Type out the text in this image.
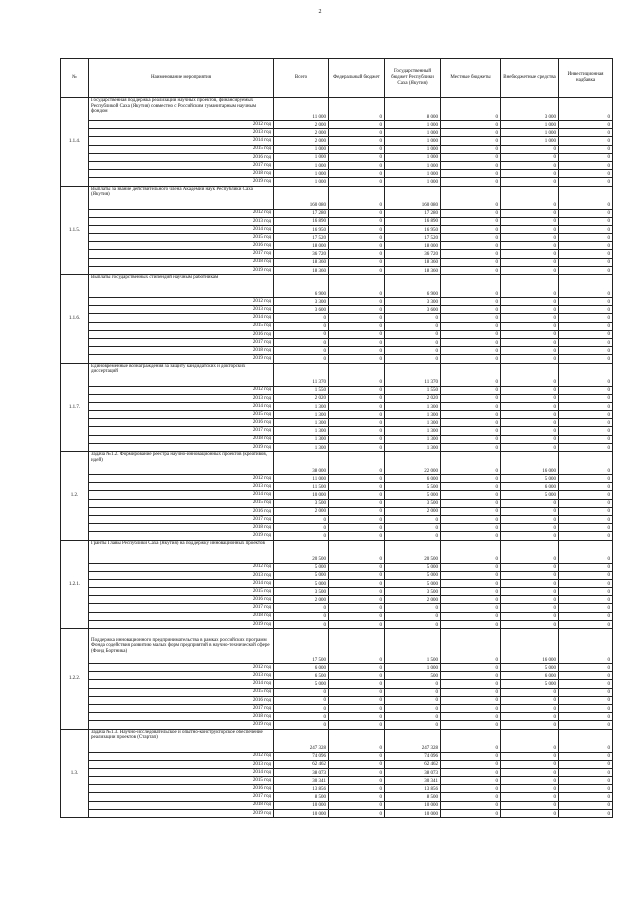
2
№	Наименование мероприятия	Всего	Федеральный бюджет	Государственный бюджет Республики Саха (Якутия)	Местные бюджеты	Внебюджетные средства	Инвестиционная надбавка
1.1.4.	Государственная поддержка реализации научных проектов, финансируемых Республикой Саха (Якутия) совместно с Российским гуманитарным научным фондом	11 000	0	8 000	0	3 000	0
	2012 год	2 000	0	1 000	0	1 000	0
	2013 год	2 000	0	1 000	0	1 000	0
	2014 год	2 000	0	1 000	0	1 000	0
	2015 год	1 000	0	1 000	0	0	0
	2016 год	1 000	0	1 000	0	0	0
	2017 год	1 000	0	1 000	0	0	0
	2018 год	1 000	0	1 000	0	0	0
	2019 год	1 000	0	1 000	0	0	0
1.1.5.	Выплаты за звание действительного члена Академии наук Республики Саха (Якутия)	160 080	0	160 080	0	0	0
	2012 год	17 280	0	17 280	0	0	0
	2013 год	16 890	0	16 890	0	0	0
	2014 год	16 950	0	16 950	0	0	0
	2015 год	17 520	0	17 520	0	0	0
	2016 год	18 000	0	18 000	0	0	0
	2017 год	36 720	0	36 720	0	0	0
	2018 год	18 360	0	18 360	0	0	0
	2019 год	18 360	0	18 360	0	0	0
1.1.6.	Выплаты государственных стипендий научным работникам	6 900	0	6 900	0	0	0
	2012 год	3 300	0	3 300	0	0	0
	2013 год	3 600	0	3 600	0	0	0
	2014 год	0	0	0	0	0	0
	2015 год	0	0	0	0	0	0
	2016 год	0	0	0	0	0	0
	2017 год	0	0	0	0	0	0
	2018 год	0	0	0	0	0	0
	2019 год	0	0	0	0	0	0
1.1.7.	Единовременные вознаграждения за защиту кандидатских и докторских диссертаций	11 370	0	11 370	0	0	0
	2012 год	1 550	0	1 550	0	0	0
	2013 год	2 020	0	2 020	0	0	0
	2014 год	1 300	0	1 300	0	0	0
	2015 год	1 300	0	1 300	0	0	0
	2016 год	1 300	0	1 300	0	0	0
	2017 год	1 300	0	1 300	0	0	0
	2018 год	1 300	0	1 300	0	0	0
	2019 год	1 300	0	1 300	0	0	0
1.2.	Задача №1.2. Формирование реестра научно-инновационных проектов (креативов, идей)	38 000	0	22 000	0	16 000	0
	2012 год	11 000	0	6 000	0	5 000	0
	2013 год	11 500	0	5 500	0	6 000	0
	2014 год	10 000	0	5 000	0	5 000	0
	2015 год	3 500	0	3 500	0	0	0
	2016 год	2 000	0	2 000	0	0	0
	2017 год	0	0	0	0	0	0
	2018 год	0	0	0	0	0	0
	2019 год	0	0	0	0	0	0
1.2.1.	Гранты Главы Республики Саха (Якутия) на поддержку инновационных проектов	20 500	0	20 500	0	0	0
	2012 год	5 000	0	5 000	0	0	0
	2013 год	5 000	0	5 000	0	0	0
	2014 год	5 000	0	5 000	0	0	0
	2015 год	3 500	0	3 500	0	0	0
	2016 год	2 000	0	2 000	0	0	0
	2017 год	0	0	0	0	0	0
	2018 год	0	0	0	0	0	0
	2019 год	0	0	0	0	0	0
1.2.2.	Поддержка инновационного предпринимательства в рамках российских программ Фонда содействия развитию малых форм предприятий в научно-технической сфере (Фонд Бортника)	17 500	0	1 500	0	16 000	0
	2012 год	6 000	0	1 000	0	5 000	0
	2013 год	6 500	0	500	0	6 000	0
	2014 год	5 000	0	0	0	5 000	0
	2015 год	0	0	0	0	0	0
	2016 год	0	0	0	0	0	0
	2017 год	0	0	0	0	0	0
	2018 год	0	0	0	0	0	0
	2019 год	0	0	0	0	0	0
1.3.	Задача №1.3. Научно-исследовательское и опытно-конструкторское обеспечение реализации проектов (Стартап)	247 328	0	247 328	0	0	0
	2012 год	74 096	0	74 096	0	0	0
	2013 год	62 462	0	62 462	0	0	0
	2014 год	38 073	0	38 073	0	0	0
	2015 год	30 341	0	30 341	0	0	0
	2016 год	13 856	0	13 856	0	0	0
	2017 год	8 500	0	8 500	0	0	0
	2018 год	10 000	0	10 000	0	0	0
	2019 год	10 000	0	10 000	0	0	0
